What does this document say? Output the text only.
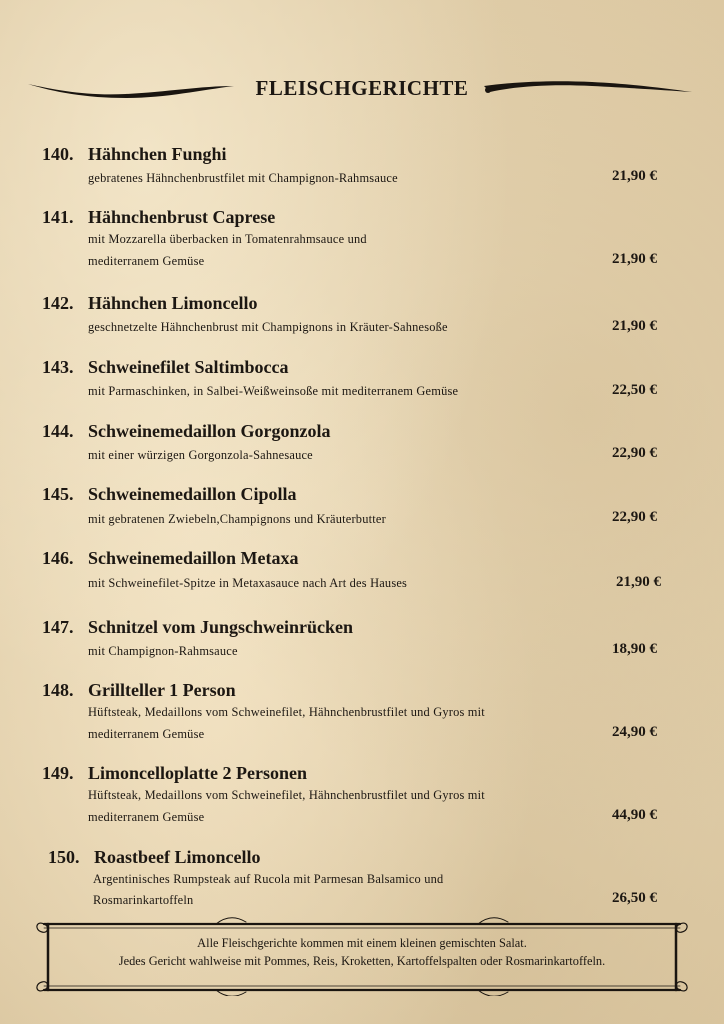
FLEISCHGERICHTE
140. Hähnchen Funghi
gebratenes Hähnchenbrustfilet mit Champignon-Rahmsauce	21,90 €
141. Hähnchenbrust Caprese
mit Mozzarella überbacken in Tomatenrahmsauce und
mediterranem Gemüse	21,90 €
142. Hähnchen Limoncello
geschnetzelte Hähnchenbrust mit Champignons in Kräuter-Sahnesoße	21,90 €
143. Schweinefilet Saltimbocca
mit Parmaschinken, in Salbei-Weißweinsoße mit mediterranem Gemüse	22,50 €
144. Schweinemedaillon Gorgonzola
mit einer würzigen Gorgonzola-Sahnesauce	22,90 €
145. Schweinemedaillon Cipolla
mit gebratenen Zwiebeln,Champignons und Kräuterbutter	22,90 €
146. Schweinemedaillon Metaxa
mit Schweinefilet-Spitze in Metaxasauce nach Art des Hauses	21,90 €
147. Schnitzel vom Jungschweinrücken
mit Champignon-Rahmsauce	18,90 €
148. Grillteller 1 Person
Hüftsteak, Medaillons vom Schweinefilet, Hähnchenbrustfilet und Gyros mit
mediterranem Gemüse	24,90 €
149. Limoncelloplatte 2 Personen
Hüftsteak, Medaillons vom Schweinefilet, Hähnchenbrustfilet und Gyros mit
mediterranem Gemüse	44,90 €
150. Roastbeef Limoncello
Argentinisches Rumpsteak auf Rucola mit Parmesan Balsamico und
Rosmarinkartoffeln	26,50 €
Alle Fleischgerichte kommen mit einem kleinen gemischten Salat.
Jedes Gericht wahlweise mit Pommes, Reis, Kroketten, Kartoffelspalten oder Rosmarinkartoffeln.
